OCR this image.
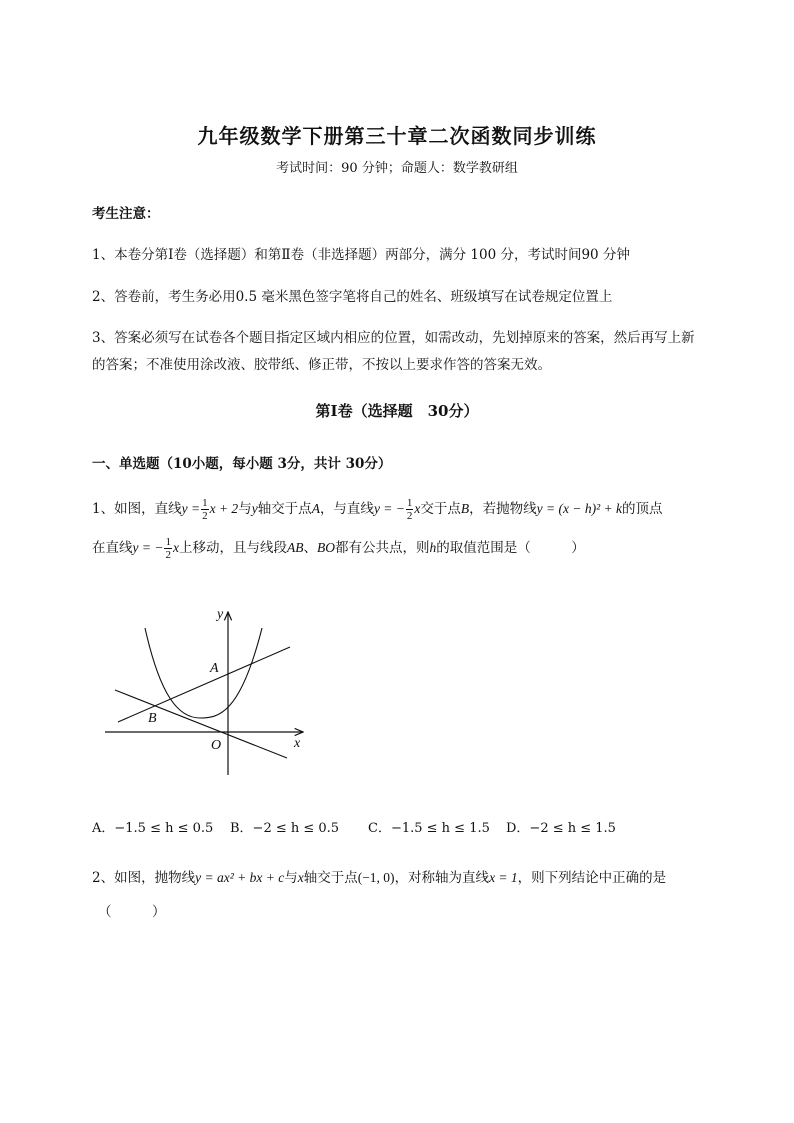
九年级数学下册第三十章二次函数同步训练
考试时间：90 分钟；命题人：数学教研组
考生注意：
1、本卷分第Ⅰ卷（选择题）和第Ⅱ卷（非选择题）两部分，满分 100 分，考试时间90 分钟
2、答卷前，考生务必用0.5 毫米黑色签字笔将自己的姓名、班级填写在试卷规定位置上
3、答案必须写在试卷各个题目指定区域内相应的位置，如需改动，先划掉原来的答案，然后再写上新
的答案；不准使用涂改液、胶带纸、修正带，不按以上要求作答的答案无效。
第Ⅰ卷（选择题　30分）
一、单选题（10小题，每小题 3分，共计 30分）
1、如图，直线$y = \frac{1}{2}$ x + 2与y轴交于点A，与直线y = − $\frac{1}{2}$ x交于点B，若抛物线y = (x − h)² + k的顶点
在直线y = − $\frac{1}{2}$ x上移动，且与线段AB、BO都有公共点，则h的取值范围是（　　　）
y
x
A
B
O
A．−1.5 ≤ h ≤ 0.5 B．−2 ≤ h ≤ 0.5 C．−1.5 ≤ h ≤ 1.5 D．−2 ≤ h ≤ 1.5
2、如图，抛物线y = ax² + bx + c与x轴交于点(−1, 0)，对称轴为直线x = 1，则下列结论中正确的是
（　　　）
